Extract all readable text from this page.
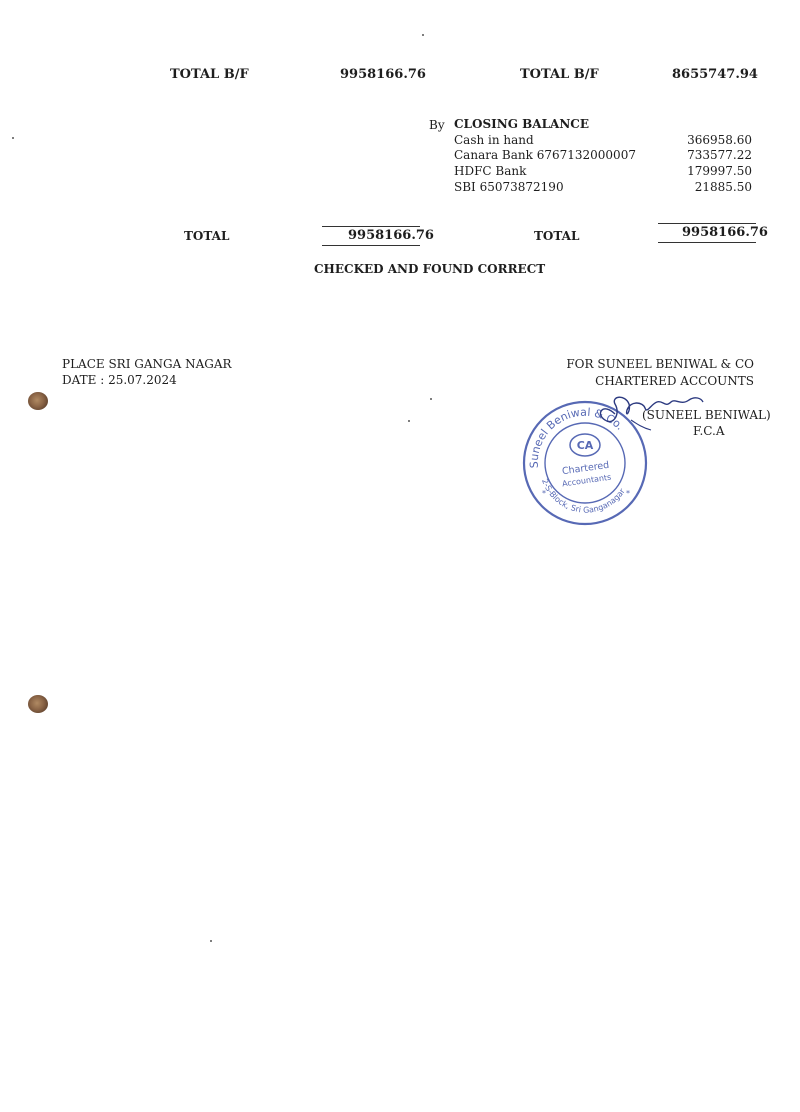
TOTAL B/F	9958166.76	TOTAL B/F	8655747.94
By CLOSING BALANCE
Cash in hand	366958.60
Canara Bank 6767132000007	733577.22
HDFC Bank	179997.50
SBI 65073872190	21885.50
TOTAL	9958166.76	TOTAL	9958166.76
CHECKED AND FOUND CORRECT
PLACE SRI GANGA NAGAR
DATE : 25.07.2024
FOR SUNEEL BENIWAL & CO
CHARTERED ACCOUNTS
Suneel Beniwal & Co.
2-S-Block, Sri Ganganagar
CA
Chartered
Accountants
*	*
(SUNEEL BENIWAL)
F.C.A
